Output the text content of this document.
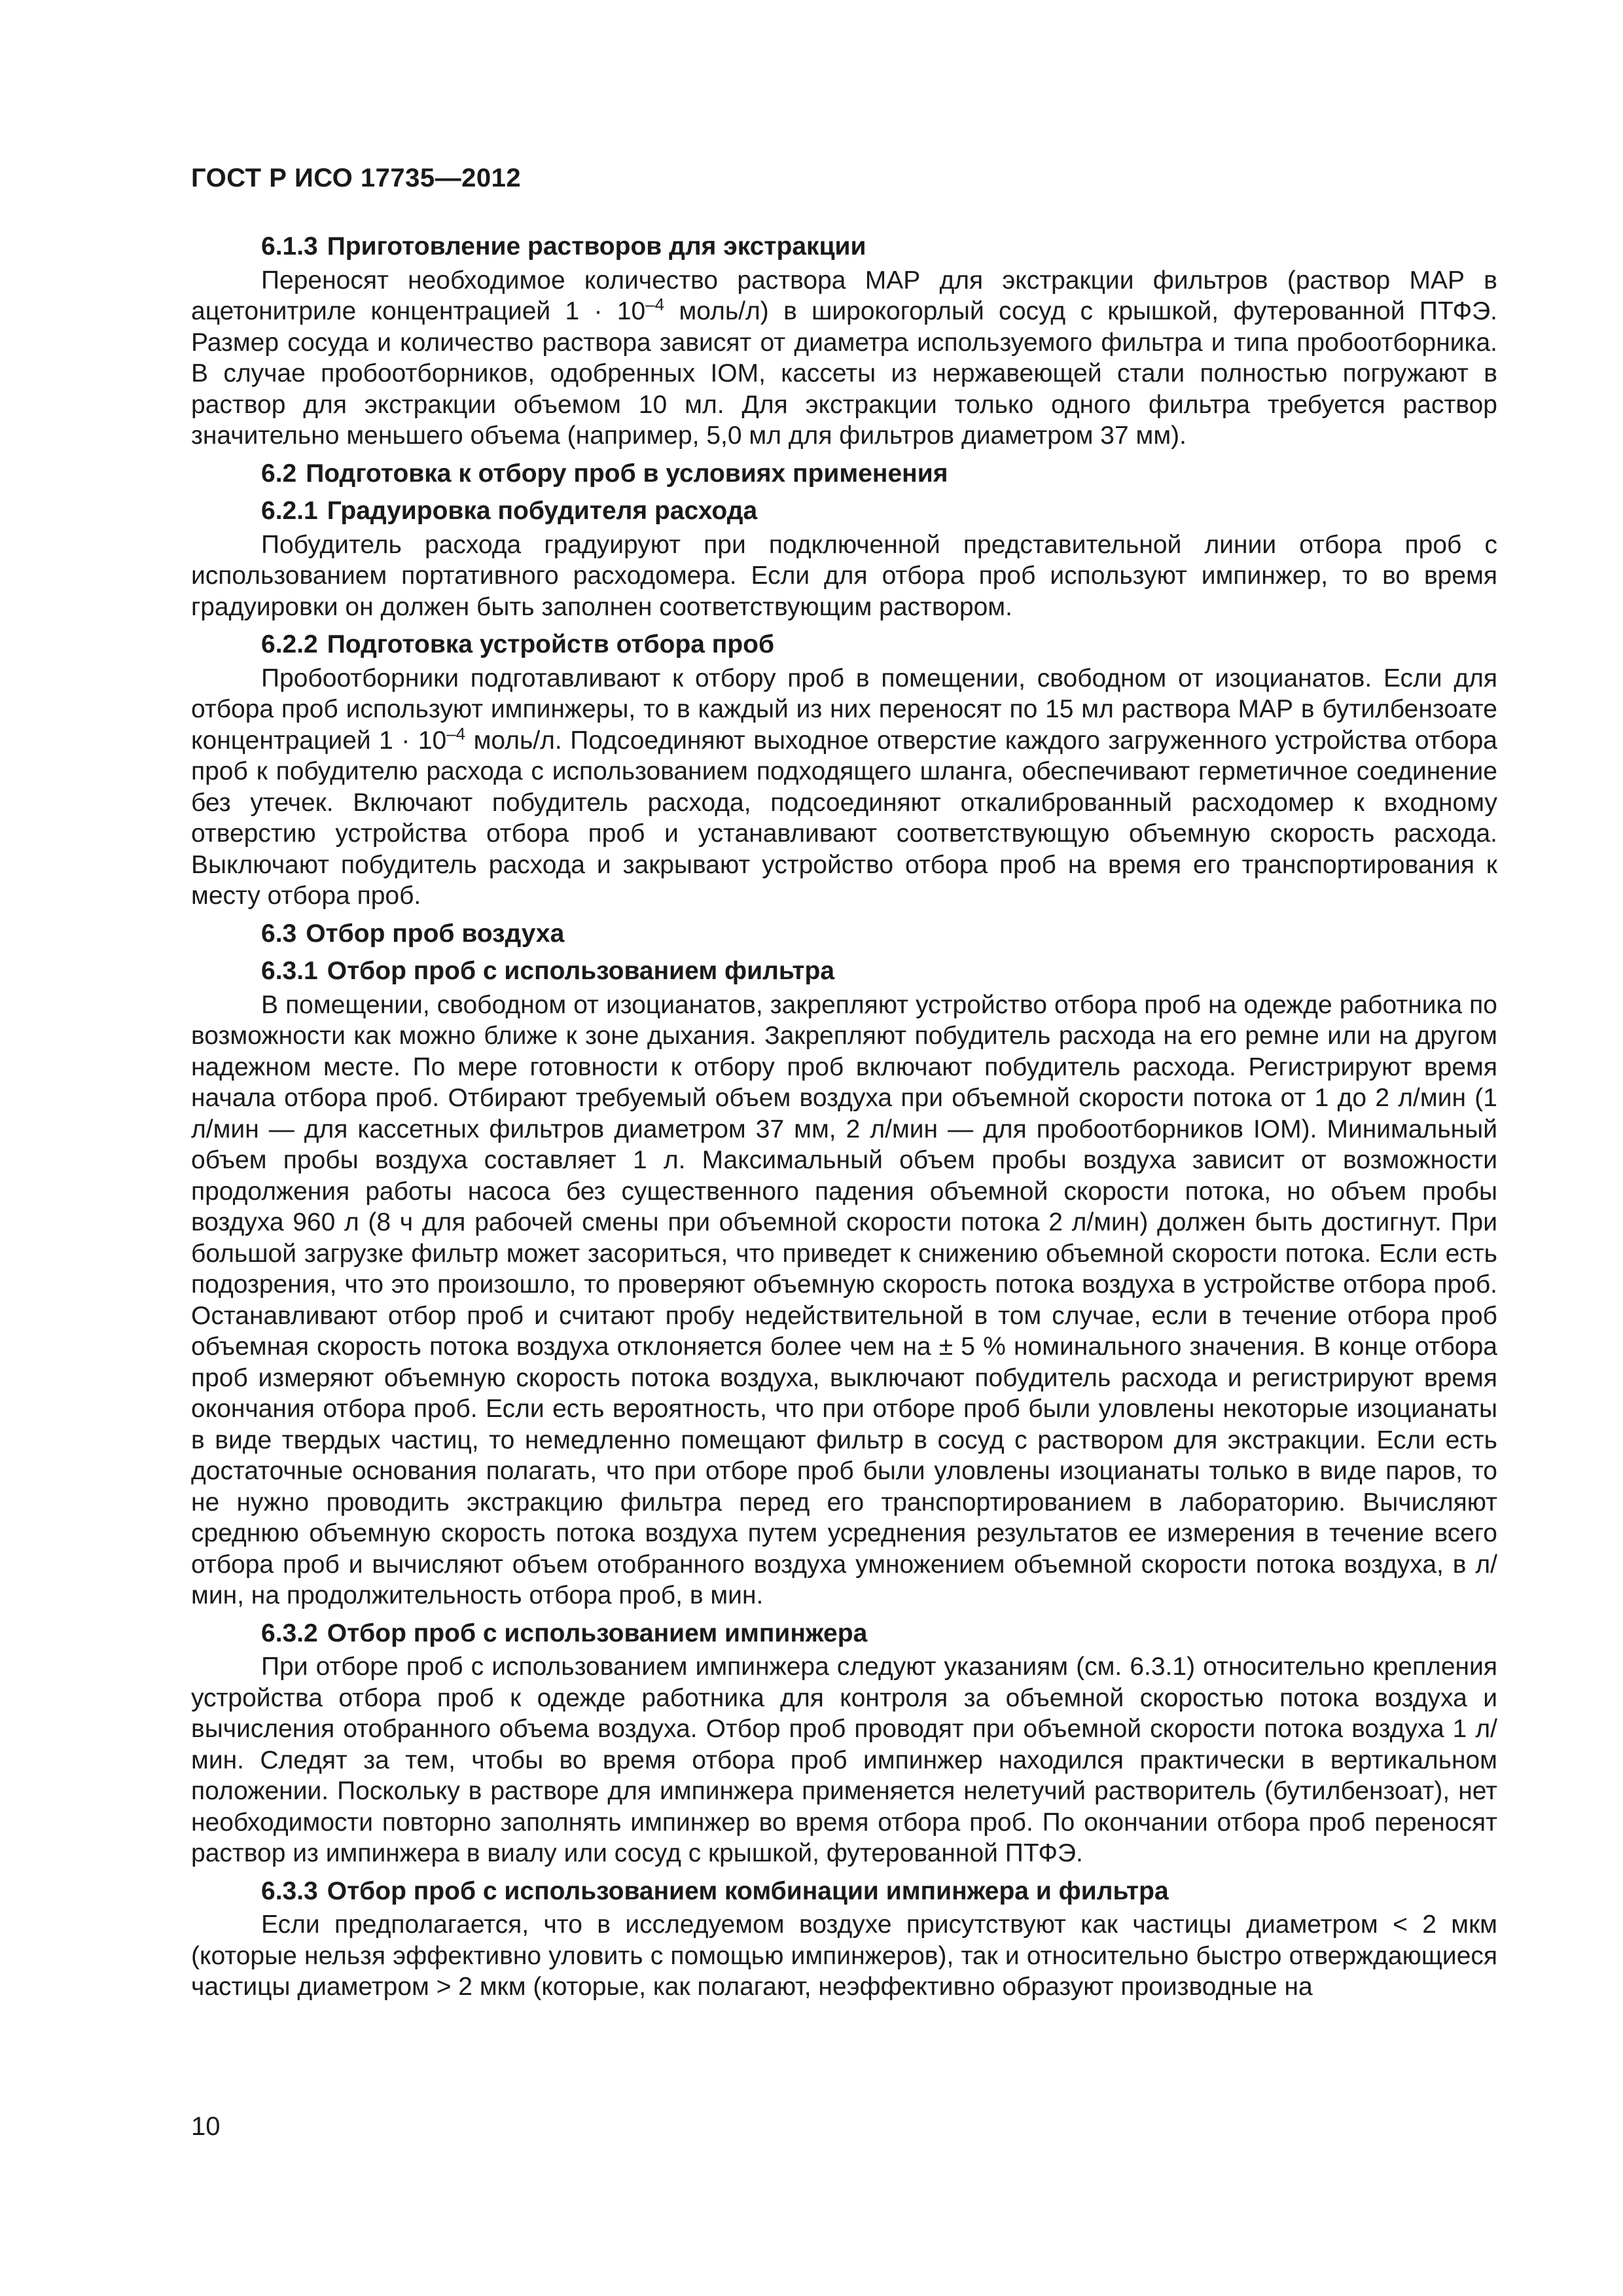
ГОСТ Р ИСО 17735—2012
6.1.3 Приготовление растворов для экстракции

Переносят необходимое количество раствора МАР для экстракции фильтров (раствор МАР в ацетонитриле концентрацией $1 \cdot 10^{-4}$ моль/л) в широкогорлый сосуд с крышкой, футерованной ПТФЭ. Размер сосуда и количество раствора зависят от диаметра используемого фильтра и типа пробоотборника. В случае пробоотборников, одобренных IOM, кассеты из нержавеющей стали полностью погружают в раствор для экстракции объемом 10 мл. Для экстракции только одного фильтра требуется раствор значительно меньшего объема (например, 5,0 мл для фильтров диаметром 37 мм).

6.2 Подготовка к отбору проб в условиях применения
6.2.1 Градуировка побудителя расхода

Побудитель расхода градуируют при подключенной представительной линии отбора проб с использованием портативного расходомера. Если для отбора проб используют импинжер, то во время градуировки он должен быть заполнен соответствующим раствором.

6.2.2 Подготовка устройств отбора проб

Пробоотборники подготавливают к отбору проб в помещении, свободном от изоцианатов. Если для отбора проб используют импинжеры, то в каждый из них переносят по 15 мл раствора МАР в бутилбензоате концентрацией $1 \cdot 10^{-4}$ моль/л. Подсоединяют выходное отверстие каждого загруженного устройства отбора проб к побудителю расхода с использованием подходящего шланга, обеспечивают герметичное соединение без утечек. Включают побудитель расхода, подсоединяют откалиброванный расходомер к входному отверстию устройства отбора проб и устанавливают соответствующую объемную скорость расхода. Выключают побудитель расхода и закрывают устройство отбора проб на время его транспортирования к месту отбора проб.

6.3 Отбор проб воздуха
6.3.1 Отбор проб с использованием фильтра

В помещении, свободном от изоцианатов, закрепляют устройство отбора проб на одежде работника по возможности как можно ближе к зоне дыхания. Закрепляют побудитель расхода на его ремне или на другом надежном месте. По мере готовности к отбору проб включают побудитель расхода. Регистрируют время начала отбора проб. Отбирают требуемый объем воздуха при объемной скорости потока от 1 до 2 л/мин (1 л/мин — для кассетных фильтров диаметром 37 мм, 2 л/мин — для пробоотборников IOM). Минимальный объем пробы воздуха составляет 1 л. Максимальный объем пробы воздуха зависит от возможности продолжения работы насоса без существенного падения объемной скорости потока, но объем пробы воздуха 960 л (8 ч для рабочей смены при объемной скорости потока 2 л/мин) должен быть достигнут. При большой загрузке фильтр может засориться, что приведет к снижению объемной скорости потока. Если есть подозрения, что это произошло, то проверяют объемную скорость потока воздуха в устройстве отбора проб. Останавливают отбор проб и считают пробу недействительной в том случае, если в течение отбора проб объемная скорость потока воздуха отклоняется более чем на ± 5 % номинального значения. В конце отбора проб измеряют объемную скорость потока воздуха, выключают побудитель расхода и регистрируют время окончания отбора проб. Если есть вероятность, что при отборе проб были уловлены некоторые изоцианаты в виде твердых частиц, то немедленно помещают фильтр в сосуд с раствором для экстракции. Если есть достаточные основания полагать, что при отборе проб были уловлены изоцианаты только в виде паров, то не нужно проводить экстракцию фильтра перед его транспортированием в лабораторию. Вычисляют среднюю объемную скорость потока воздуха путем усреднения результатов ее измерения в течение всего отбора проб и вычисляют объем отобранного воздуха умножением объемной скорости потока воздуха, в л/мин, на продолжительность отбора проб, в мин.

6.3.2 Отбор проб с использованием импинжера

При отборе проб с использованием импинжера следуют указаниям (см. 6.3.1) относительно крепления устройства отбора проб к одежде работника для контроля за объемной скоростью потока воздуха и вычисления отобранного объема воздуха. Отбор проб проводят при объемной скорости потока воздуха 1 л/мин. Следят за тем, чтобы во время отбора проб импинжер находился практически в вертикальном положении. Поскольку в растворе для импинжера применяется нелетучий растворитель (бутилбензоат), нет необходимости повторно заполнять импинжер во время отбора проб. По окончании отбора проб переносят раствор из импинжера в виалу или сосуд с крышкой, футерованной ПТФЭ.

6.3.3 Отбор проб с использованием комбинации импинжера и фильтра

Если предполагается, что в исследуемом воздухе присутствуют как частицы диаметром < 2 мкм (которые нельзя эффективно уловить с помощью импинжеров), так и относительно быстро отверждающиеся частицы диаметром > 2 мкм (которые, как полагают, неэффективно образуют производные на

10
